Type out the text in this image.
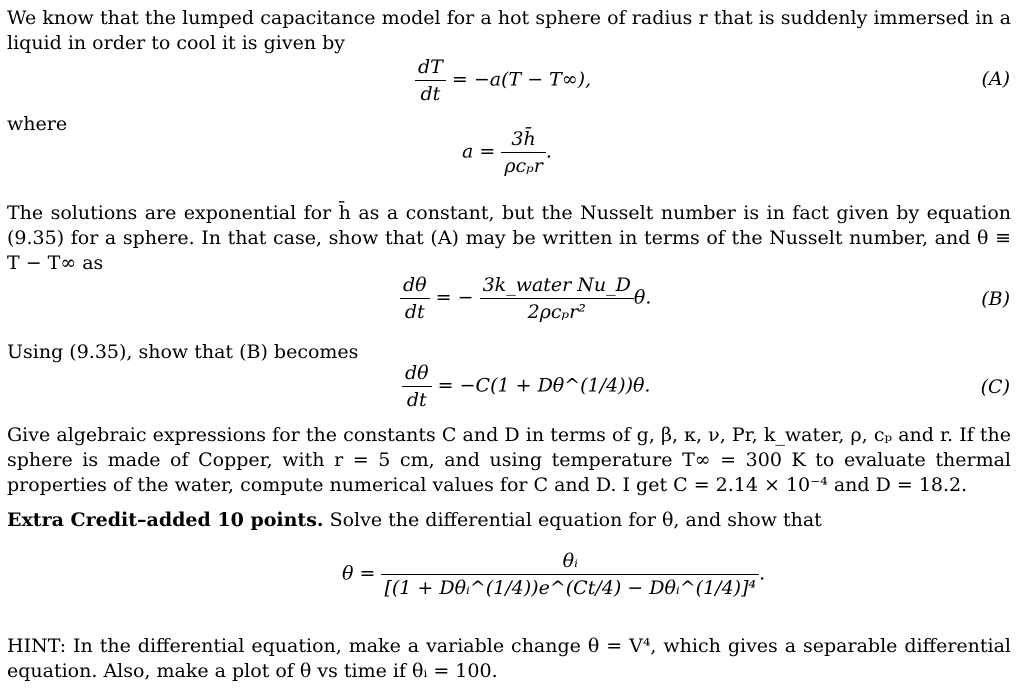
We know that the lumped capacitance model for a hot sphere of radius r that is suddenly immersed in a liquid in order to cool it is given by
$\frac{dT}{dt} = -a(T - T\infty)$,	(A)
where
$a = \frac{3h̄}{\text{ρcₚr}}$ .
The solutions are exponential for h̄ as a constant, but the Nusselt number is in fact given by equation (9.35) for a sphere. In that case, show that (A) may be written in terms of the Nusselt number, and θ ≡ T − T∞ as
$\frac{d\theta}{dt}$ = − $\frac{\text{3k\_water Nu\_D}}{\text{2ρcₚr²}} \theta$.	(B)
Using (9.35), show that (B) becomes
$\frac{d\theta}{dt} = -C(1$ + Dθ^(1/4))θ.	(C)
Give algebraic expressions for the constants C and D in terms of g, β, κ, ν, Pr, k_water, ρ, cₚ and r. If the sphere is made of Copper, with r = 5 cm, and using temperature T∞ = 300 K to evaluate thermal properties of the water, compute numerical values for C and D. I get C = 2.14 × 10⁻⁴ and D = 18.2.
Extra Credit–added 10 points. Solve the differential equation for θ, and show that
$\theta = \frac{\text{θᵢ}}{\text{[(1 + Dθᵢ\textasciicircum{}(1/4))e\textasciicircum{}(Ct/4) − Dθᵢ\textasciicircum{}(1/4)]⁴}}$ .
HINT: In the differential equation, make a variable change θ = V⁴, which gives a separable differential equation. Also, make a plot of θ vs time if θᵢ = 100.
